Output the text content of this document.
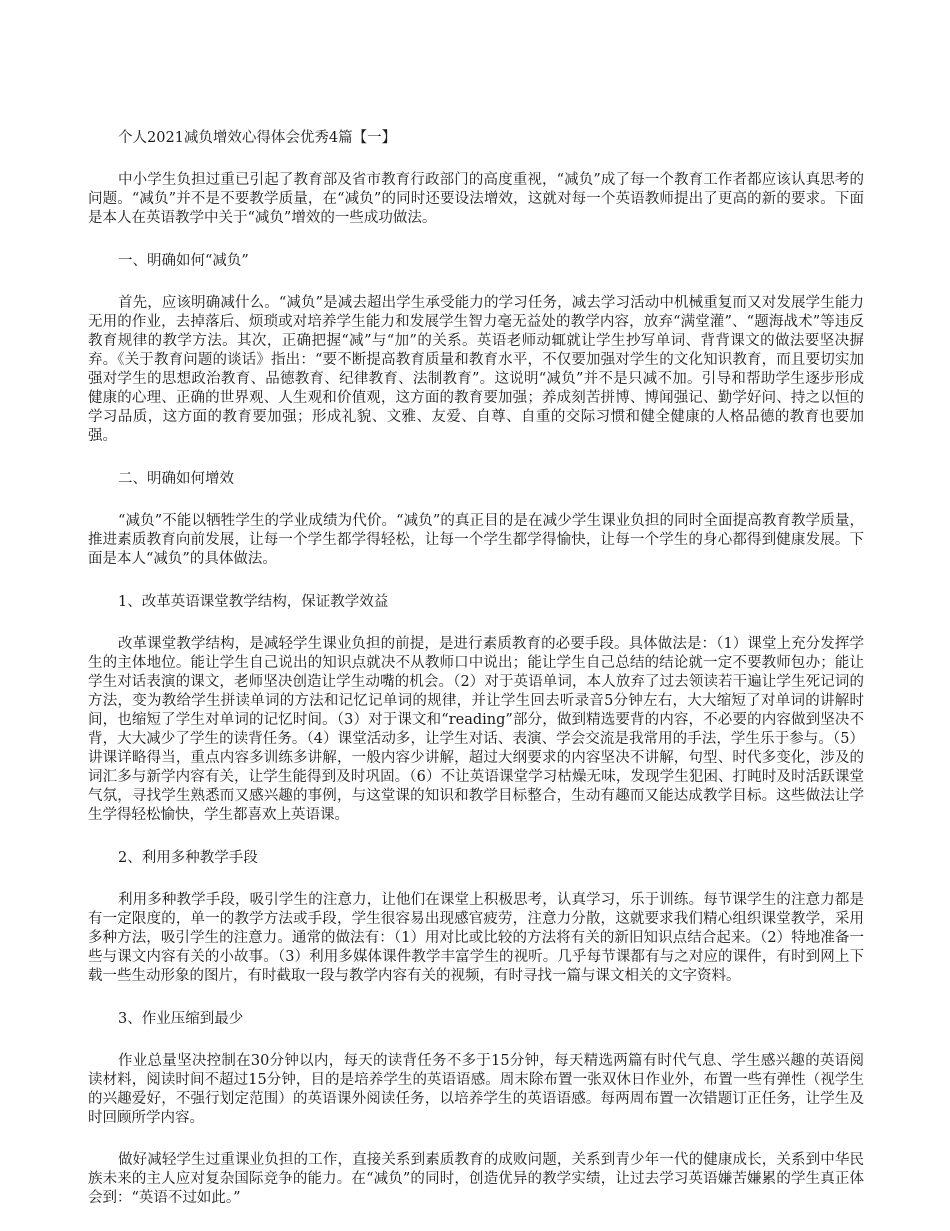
个人2021减负增效心得体会优秀4篇【一】

中小学生负担过重已引起了教育部及省市教育行政部门的高度重视，“减负”成了每一个教育工作者都应该认真思考的问题。“减负”并不是不要教学质量，在“减负”的同时还要设法增效，这就对每一个英语教师提出了更高的新的要求。下面是本人在英语教学中关于“减负”增效的一些成功做法。

一、明确如何“减负”

首先，应该明确减什么。“减负”是减去超出学生承受能力的学习任务，减去学习活动中机械重复而又对发展学生能力无用的作业，去掉落后、烦琐或对培养学生能力和发展学生智力毫无益处的教学内容，放弃“满堂灌”、“题海战术”等违反教育规律的教学方法。其次，正确把握“减”与“加”的关系。英语老师动辄就让学生抄写单词、背背课文的做法要坚决摒弃。《关于教育问题的谈话》指出：“要不断提高教育质量和教育水平，不仅要加强对学生的文化知识教育，而且要切实加强对学生的思想政治教育、品德教育、纪律教育、法制教育”。这说明“减负”并不是只减不加。引导和帮助学生逐步形成健康的心理、正确的世界观、人生观和价值观，这方面的教育要加强；养成刻苦拼博、博闻强记、勤学好问、持之以恒的学习品质，这方面的教育要加强；形成礼貌、文雅、友爱、自尊、自重的交际习惯和健全健康的人格品德的教育也要加强。

二、明确如何增效

“减负”不能以牺牲学生的学业成绩为代价。“减负”的真正目的是在减少学生课业负担的同时全面提高教育教学质量，推进素质教育向前发展，让每一个学生都学得轻松，让每一个学生都学得愉快，让每一个学生的身心都得到健康发展。下面是本人“减负”的具体做法。

1、改革英语课堂教学结构，保证教学效益

改革课堂教学结构，是减轻学生课业负担的前提，是进行素质教育的必要手段。具体做法是：（1）课堂上充分发挥学生的主体地位。能让学生自己说出的知识点就决不从教师口中说出；能让学生自己总结的结论就一定不要教师包办；能让学生对话表演的课文，老师坚决创造让学生动嘴的机会。（2）对于英语单词，本人放弃了过去领读若干遍让学生死记词的方法，变为教给学生拼读单词的方法和记忆记单词的规律，并让学生回去听录音5分钟左右，大大缩短了对单词的讲解时间，也缩短了学生对单词的记忆时间。（3）对于课文和“reading”部分，做到精选要背的内容，不必要的内容做到坚决不背，大大减少了学生的读背任务。（4）课堂活动多，让学生对话、表演、学会交流是我常用的手法，学生乐于参与。（5）讲课详略得当，重点内容多训练多讲解，一般内容少讲解，超过大纲要求的内容坚决不讲解，句型、时代多变化，涉及的词汇多与新学内容有关，让学生能得到及时巩固。（6）不让英语课堂学习枯燥无味，发现学生犯困、打盹时及时活跃课堂气氛，寻找学生熟悉而又感兴趣的事例，与这堂课的知识和教学目标整合，生动有趣而又能达成教学目标。这些做法让学生学得轻松愉快，学生都喜欢上英语课。

2、利用多种教学手段

利用多种教学手段，吸引学生的注意力，让他们在课堂上积极思考，认真学习，乐于训练。每节课学生的注意力都是有一定限度的，单一的教学方法或手段，学生很容易出现感官疲劳，注意力分散，这就要求我们精心组织课堂教学，采用多种方法，吸引学生的注意力。通常的做法有：（1）用对比或比较的方法将有关的新旧知识点结合起来。（2）特地准备一些与课文内容有关的小故事。（3）利用多媒体课件教学丰富学生的视听。几乎每节课都有与之对应的课件，有时到网上下载一些生动形象的图片，有时截取一段与教学内容有关的视频，有时寻找一篇与课文相关的文字资料。

3、作业压缩到最少

作业总量坚决控制在30分钟以内，每天的读背任务不多于15分钟，每天精选两篇有时代气息、学生感兴趣的英语阅读材料，阅读时间不超过15分钟，目的是培养学生的英语语感。周末除布置一张双休日作业外，布置一些有弹性（视学生的兴趣爱好，不强行划定范围）的英语课外阅读任务，以培养学生的英语语感。每两周布置一次错题订正任务，让学生及时回顾所学内容。

做好减轻学生过重课业负担的工作，直接关系到素质教育的成败问题，关系到青少年一代的健康成长，关系到中华民族未来的主人应对复杂国际竞争的能力。在“减负”的同时，创造优异的教学实绩，让过去学习英语嫌苦嫌累的学生真正体会到：“英语不过如此。”
